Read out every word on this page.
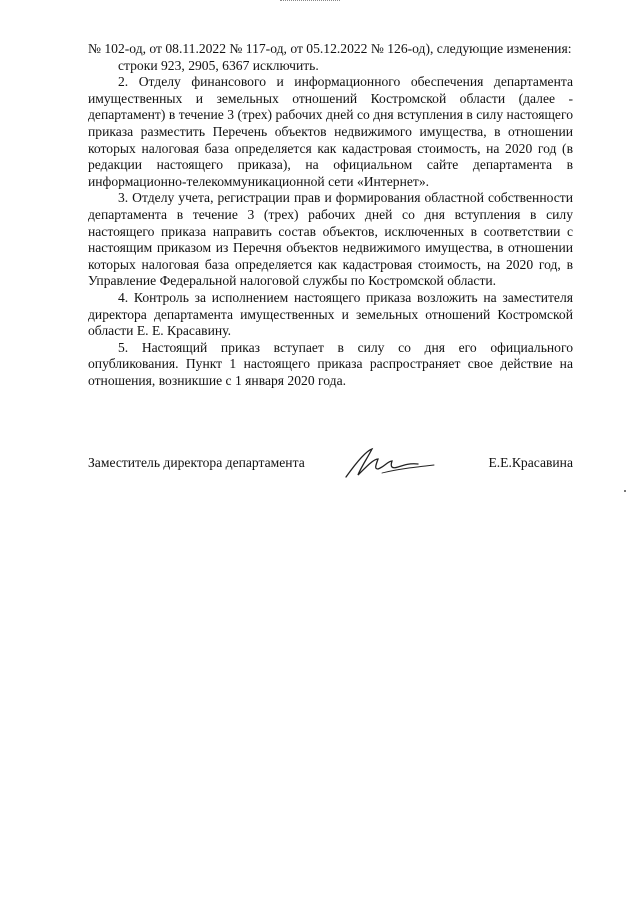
№ 102-од, от 08.11.2022 № 117-од, от 05.12.2022 № 126-од), следующие изменения:

строки 923, 2905, 6367 исключить.

2. Отделу финансового и информационного обеспечения департамента имущественных и земельных отношений Костромской области (далее - департамент) в течение 3 (трех) рабочих дней со дня вступления в силу настоящего приказа разместить Перечень объектов недвижимого имущества, в отношении которых налоговая база определяется как кадастровая стоимость, на 2020 год (в редакции настоящего приказа), на официальном сайте департамента в информационно-телекоммуникационной сети «Интернет».

3. Отделу учета, регистрации прав и формирования областной собственности департамента в течение 3 (трех) рабочих дней со дня вступления в силу настоящего приказа направить состав объектов, исключенных в соответствии с настоящим приказом из Перечня объектов недвижимого имущества, в отношении которых налоговая база определяется как кадастровая стоимость, на 2020 год, в Управление Федеральной налоговой службы по Костромской области.

4. Контроль за исполнением настоящего приказа возложить на заместителя директора департамента имущественных и земельных отношений Костромской области Е. Е. Красавину.

5. Настоящий приказ вступает в силу со дня его официального опубликования. Пункт 1 настоящего приказа распространяет свое действие на отношения, возникшие с 1 января 2020 года.

Заместитель директора департамента	Е.Е.Красавина
